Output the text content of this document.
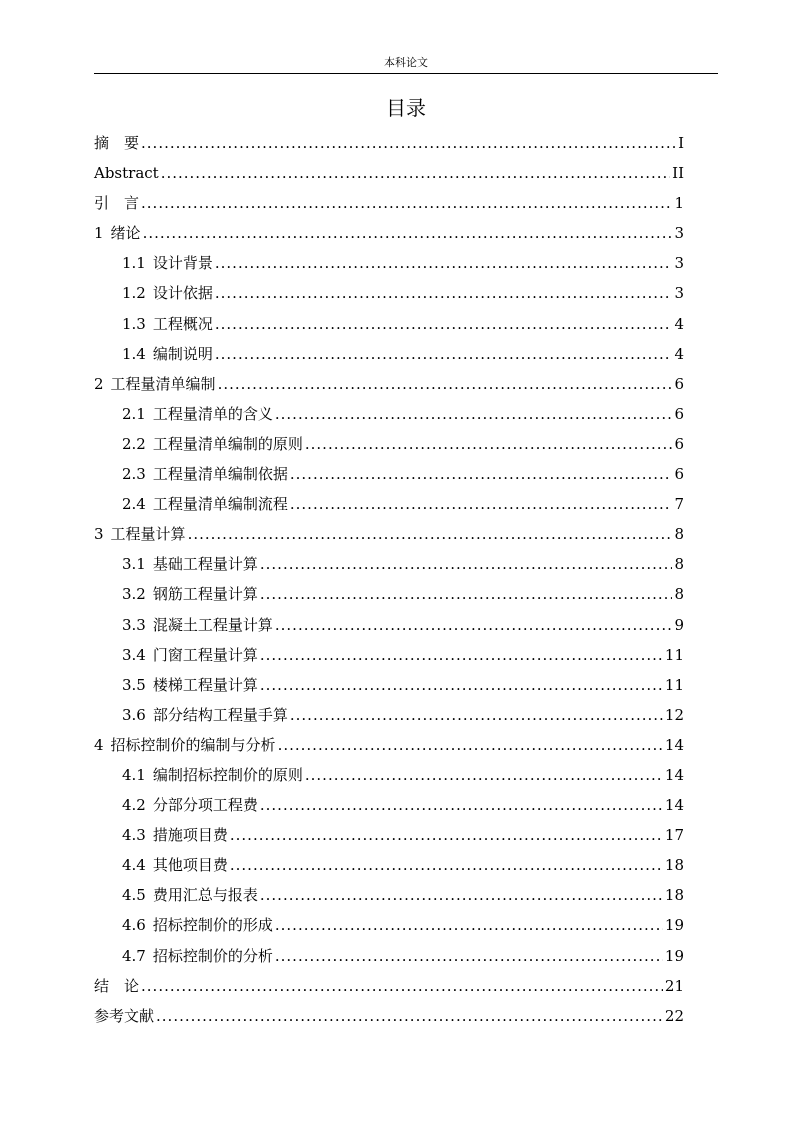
本科论文
目录
摘　要 .....	I
Abstract .....	II
引　言 .....	1
1 绪论 .....	3
1.1 设计背景 .....	3
1.2 设计依据 .....	3
1.3 工程概况 .....	4
1.4 编制说明 .....	4
2 工程量清单编制 .....	6
2.1 工程量清单的含义 .....	6
2.2 工程量清单编制的原则 .....	6
2.3 工程量清单编制依据 .....	6
2.4 工程量清单编制流程 .....	7
3 工程量计算 .....	8
3.1 基础工程量计算 .....	8
3.2 钢筋工程量计算 .....	8
3.3 混凝土工程量计算 .....	9
3.4 门窗工程量计算 .....	11
3.5 楼梯工程量计算 .....	11
3.6 部分结构工程量手算 .....	12
4 招标控制价的编制与分析 .....	14
4.1 编制招标控制价的原则 .....	14
4.2 分部分项工程费 .....	14
4.3 措施项目费 .....	17
4.4 其他项目费 .....	18
4.5 费用汇总与报表 .....	18
4.6 招标控制价的形成 .....	19
4.7 招标控制价的分析 .....	19
结　论 .....	21
参考文献 .....	22
